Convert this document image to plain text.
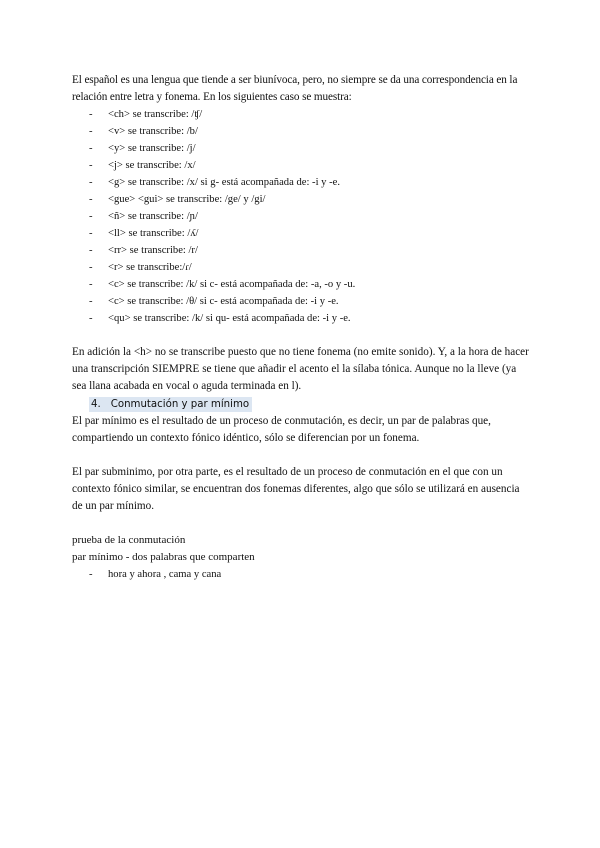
El español es una lengua que tiende a ser biunívoca, pero, no siempre se da una correspondencia en la relación entre letra y fonema. En los siguientes caso se muestra:

- <ch> se transcribe: /ʧ/
- <v> se transcribe: /b/
- <y> se transcribe: /j/
- <j> se transcribe: /x/
- <g> se transcribe: /x/ si g- está acompañada de: -i y -e.
- <gue> <gui> se transcribe: /ge/ y /gi/
- <ñ> se transcribe: /ɲ/
- <ll> se transcribe: /ʎ/
- <rr> se transcribe: /r/
- <r> se transcribe:/ɾ/
- <c> se transcribe: /k/ si c- está acompañada de: -a, -o y -u.
- <c> se transcribe: /θ/ si c- está acompañada de: -i y -e.
- <qu> se transcribe: /k/ si qu- está acompañada de: -i y -e.

En adición la <h> no se transcribe puesto que no tiene fonema (no emite sonido). Y, a la hora de hacer una transcripción SIEMPRE se tiene que añadir el acento el la sílaba tónica. Aunque no la lleve (ya sea llana acabada en vocal o aguda terminada en l).

4. Conmutación y par mínimo

El par mínimo es el resultado de un proceso de conmutación, es decir, un par de palabras que, compartiendo un contexto fónico idéntico, sólo se diferencian por un fonema.

El par subminimo, por otra parte, es el resultado de un proceso de conmutación en el que con un contexto fónico similar, se encuentran dos fonemas diferentes, algo que sólo se utilizará en ausencia de un par mínimo.

prueba de la conmutación

par mínimo - dos palabras que comparten

- hora y ahora , cama y cana
